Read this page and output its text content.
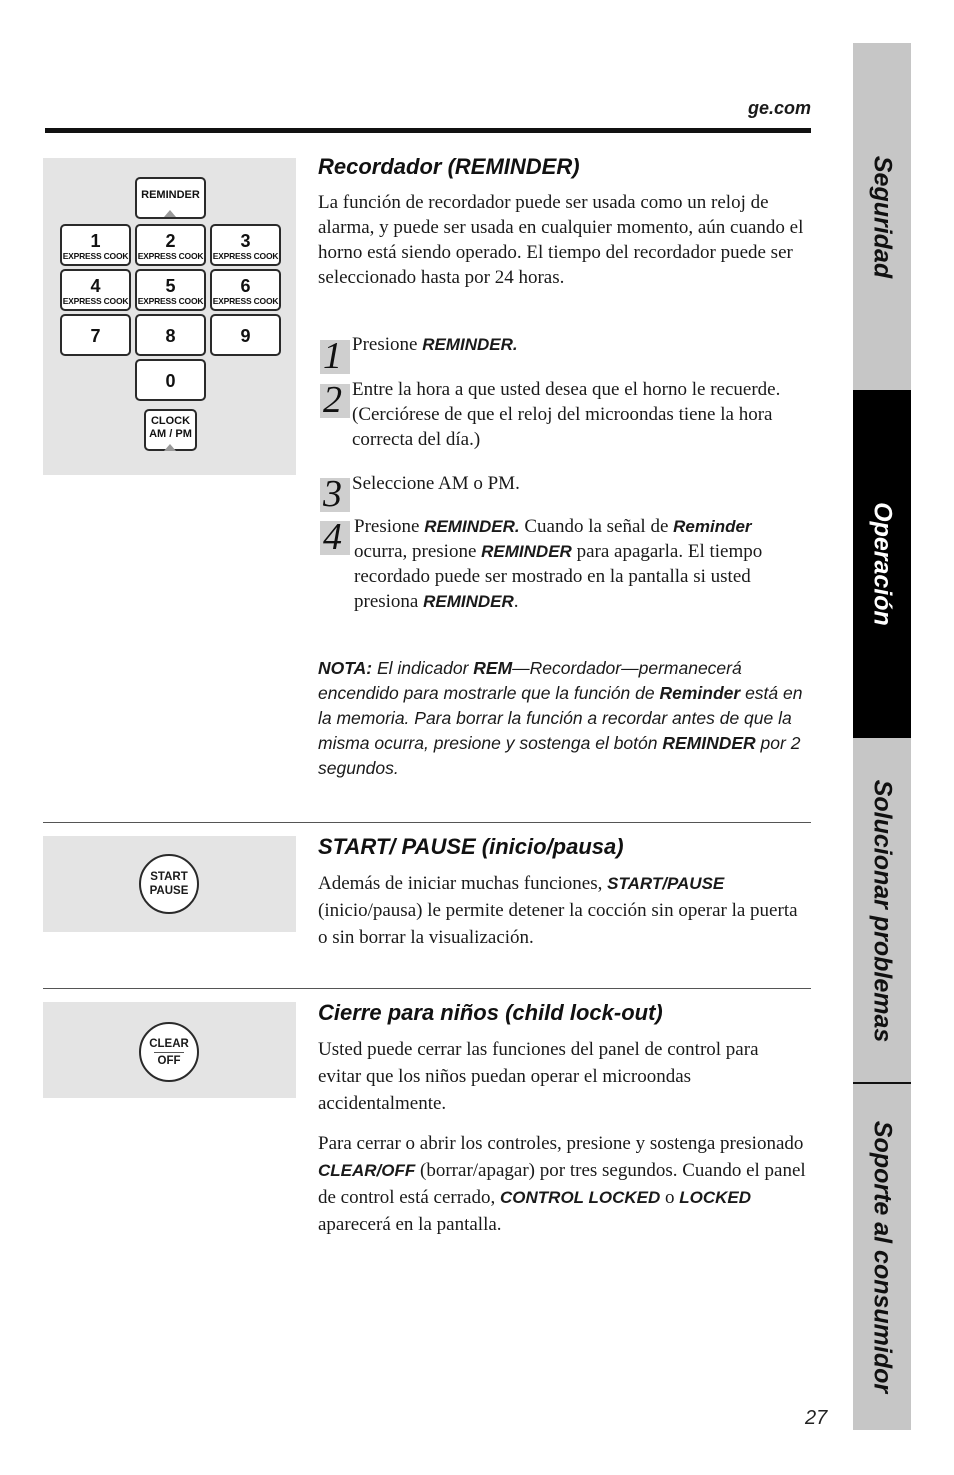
ge.com
Seguridad
Operación
Solucionar problemas
Soporte al consumidor
REMINDER
1
EXPRESS COOK
2
EXPRESS COOK
3
EXPRESS COOK
4
EXPRESS COOK
5
EXPRESS COOK
6
EXPRESS COOK
7	8	9
0
CLOCK
AM / PM
Recordador (REMINDER)
La función de recordador puede ser usada como un reloj de alarma, y puede ser usada en cualquier momento, aún cuando el horno está siendo operado. El tiempo del recordador puede ser seleccionado hasta por 24 horas.
1 Presione REMINDER.
2 Entre la hora a que usted desea que el horno le recuerde. (Cerciórese de que el reloj del microondas tiene la hora correcta del día.)
3 Seleccione AM o PM.
4 Presione REMINDER. Cuando la señal de Reminder ocurra, presione REMINDER para apagarla. El tiempo recordado puede ser mostrado en la pantalla si usted presiona REMINDER.
NOTA: El indicador REM—Recordador—permanecerá encendido para mostrarle que la función de Reminder está en la memoria. Para borrar la función a recordar antes de que la misma ocurra, presione y sostenga el botón REMINDER por 2 segundos.
START
PAUSE
START/ PAUSE (inicio/pausa)
Además de iniciar muchas funciones, START/PAUSE (inicio/pausa) le permite detener la cocción sin operar la puerta o sin borrar la visualización.
CLEAR
OFF
Cierre para niños (child lock-out)
Usted puede cerrar las funciones del panel de control para evitar que los niños puedan operar el microondas accidentalmente.
Para cerrar o abrir los controles, presione y sostenga presionado CLEAR/OFF (borrar/apagar) por tres segundos. Cuando el panel de control está cerrado, CONTROL LOCKED o LOCKED aparecerá en la pantalla.
27
